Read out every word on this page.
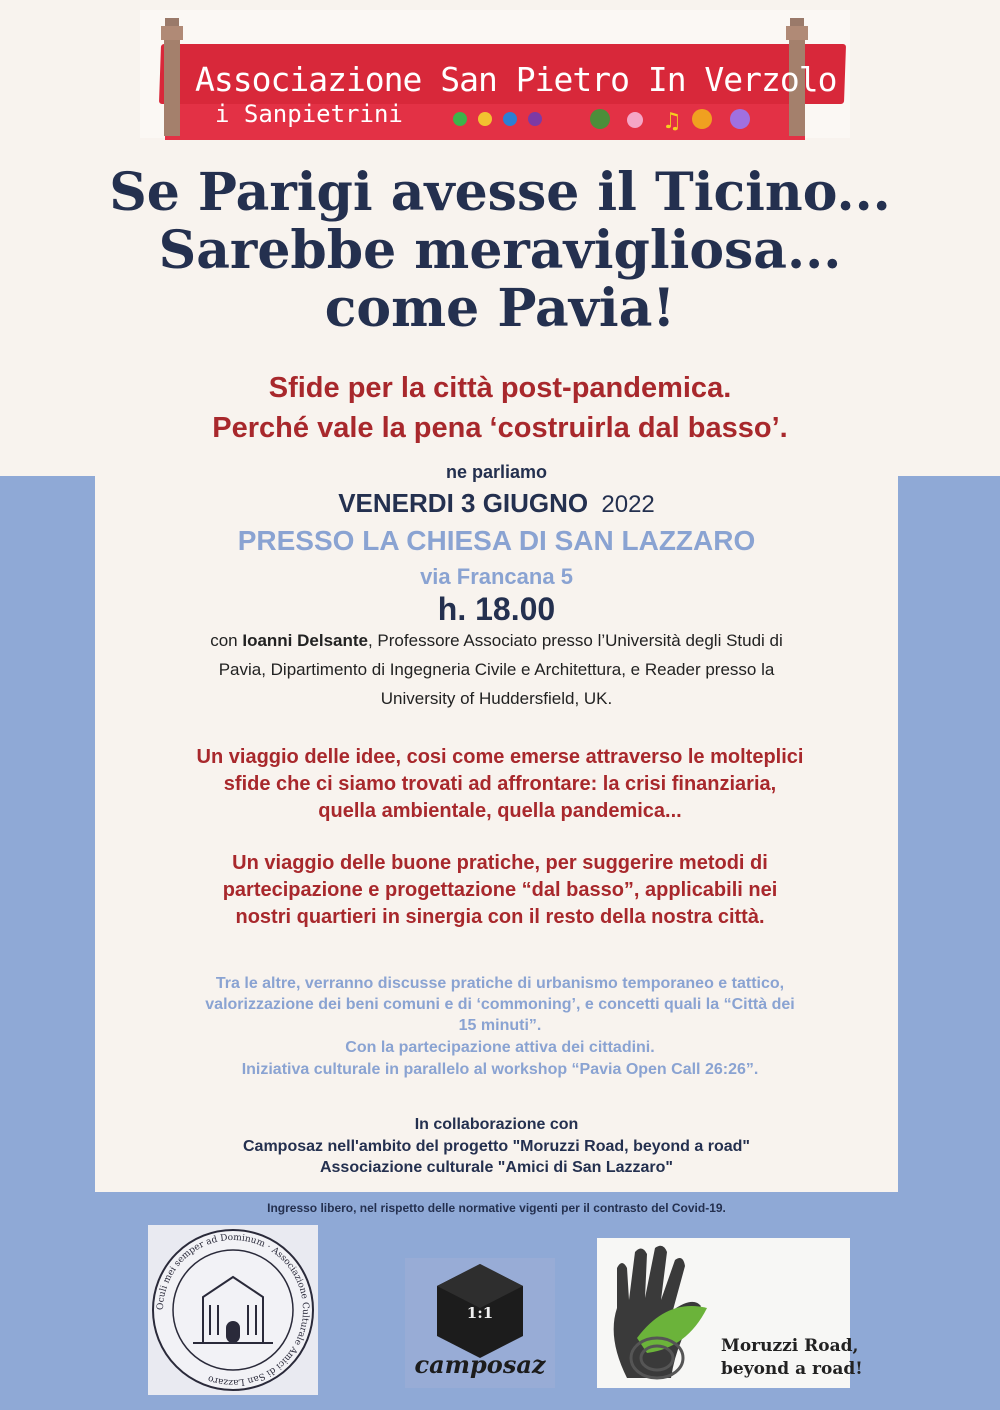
Associazione San Pietro In Verzolo
i Sanpietrini	♫
Se Parigi avesse il Ticino...
Sarebbe meravigliosa...
come Pavia!
Sfide per la città post-pandemica.
Perché vale la pena ‘costruirla dal basso’.
ne parliamo
VENERDI 3 GIUGNO 2022
PRESSO LA CHIESA DI SAN LAZZARO
via Francana 5
h. 18.00
con Ioanni Delsante, Professore Associato presso l’Università degli Studi di
Pavia, Dipartimento di Ingegneria Civile e Architettura, e Reader presso la
University of Huddersfield, UK.
Un viaggio delle idee, cosi come emerse attraverso le molteplici
sfide che ci siamo trovati ad affrontare: la crisi finanziaria,
quella ambientale, quella pandemica...
Un viaggio delle buone pratiche, per suggerire metodi di
partecipazione e progettazione “dal basso”, applicabili nei
nostri quartieri in sinergia con il resto della nostra città.
Tra le altre, verranno discusse pratiche di urbanismo temporaneo e tattico,
valorizzazione dei beni comuni e di ‘commoning’, e concetti quali la “Città dei
15 minuti”.
Con la partecipazione attiva dei cittadini.
Iniziativa culturale in parallelo al workshop “Pavia Open Call 26:26”.
In collaborazione con
Camposaz nell'ambito del progetto "Moruzzi Road, beyond a road"
Associazione culturale "Amici di San Lazzaro"
Ingresso libero, nel rispetto delle normative vigenti per il contrasto del Covid-19.
Oculi mei semper ad Dominum · Associazione Culturale Amici di San Lazzaro
1:1
camposaz
Moruzzi Road,
beyond a road!
